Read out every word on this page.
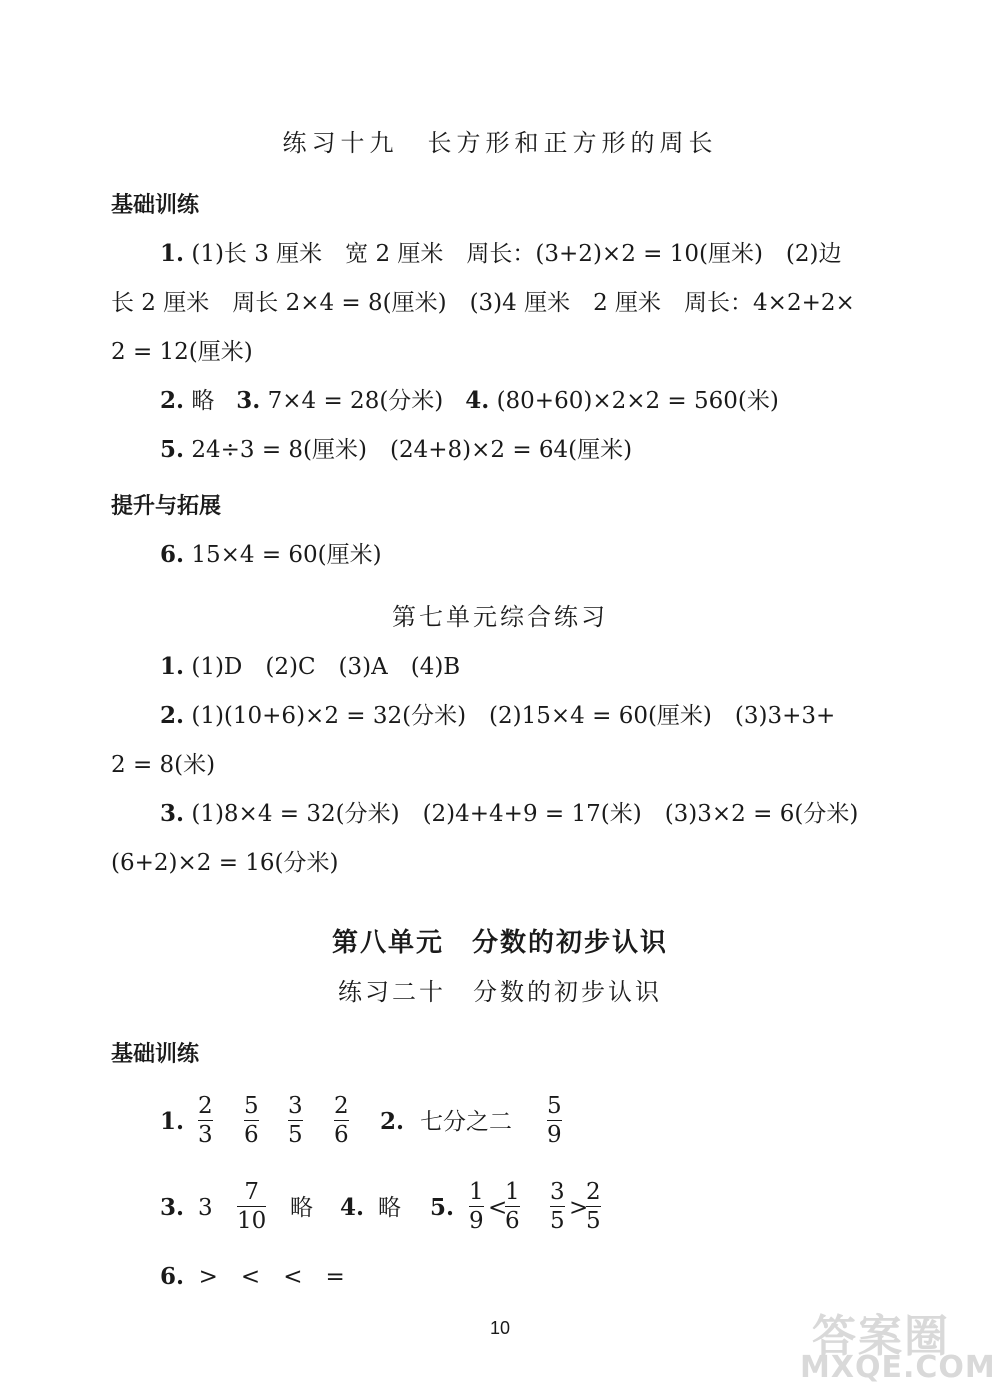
练习十九　长方形和正方形的周长
基础训练
1. (1)长 3 厘米　宽 2 厘米　周长：(3+2)×2 = 10(厘米)　(2)边
长 2 厘米　周长 2×4 = 8(厘米)　(3)4 厘米　2 厘米　周长：4×2+2×
2 = 12(厘米)
2. 略 3. 7×4 = 28(分米) 4. (80+60)×2×2 = 560(米)
5. 24÷3 = 8(厘米)　(24+8)×2 = 64(厘米)
提升与拓展
6. 15×4 = 60(厘米)
第七单元综合练习
1. (1)D　(2)C　(3)A　(4)B
2. (1)(10+6)×2 = 32(分米)　(2)15×4 = 60(厘米)　(3)3+3+
2 = 8(米)
3. (1)8×4 = 32(分米)　(2)4+4+9 = 17(米)　(3)3×2 = 6(分米)
(6+2)×2 = 16(分米)
第八单元　分数的初步认识
练习二十　分数的初步认识
基础训练
1.
2
3
5
6
3
5
2
6 2. 七分之二
5
9
3. 3
7
10 略 4. 略 5.
1
9 <
1
6
3
5 >
2
5
6. >　<　<　=
10	答案圈
MXQE.COM
